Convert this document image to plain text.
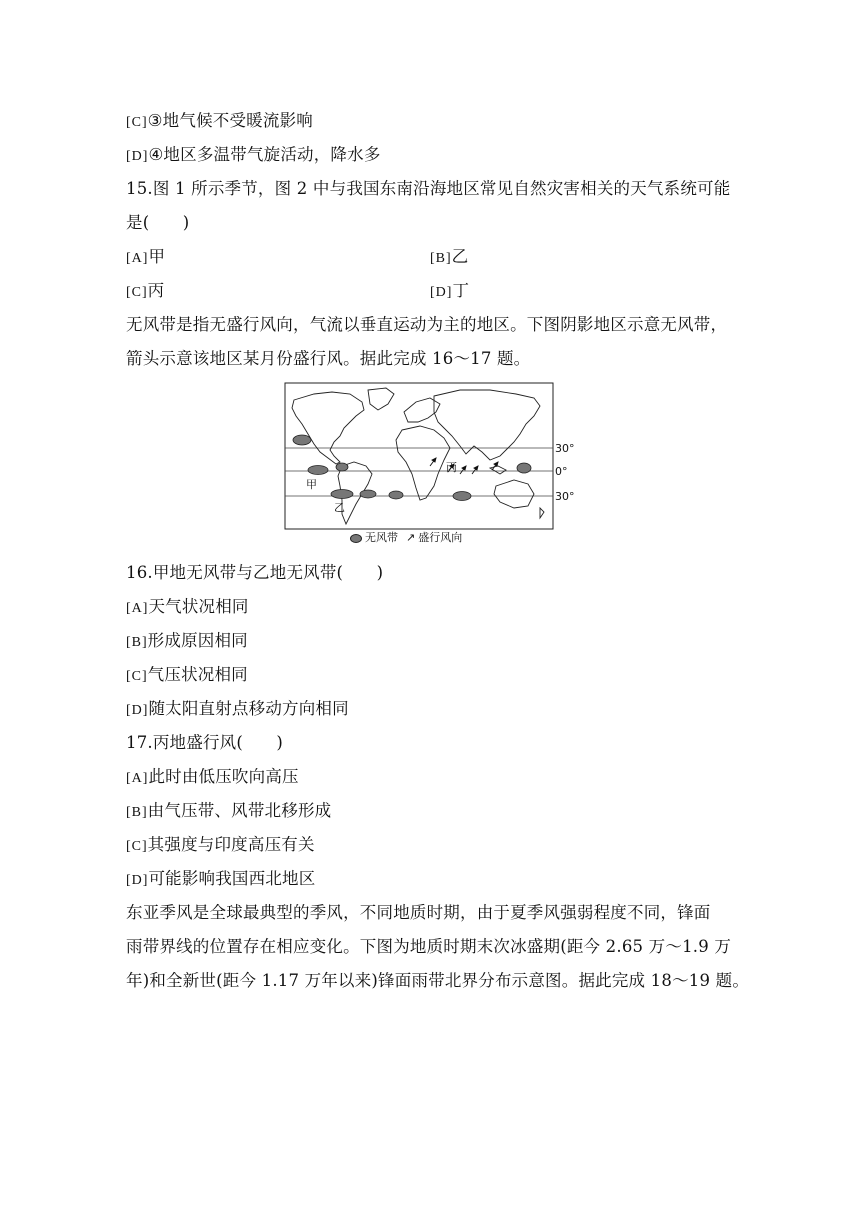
[C]③地气候不受暖流影响
[D]④地区多温带气旋活动，降水多
15.图 1 所示季节，图 2 中与我国东南沿海地区常见自然灾害相关的天气系统可能
是(　　)
[A]甲	[B]乙
[C]丙	[D]丁
无风带是指无盛行风向，气流以垂直运动为主的地区。下图阴影地区示意无风带，
箭头示意该地区某月份盛行风。据此完成 16～17 题。
甲
乙
丙
30°
0°
30°
无风带 ↗ 盛行风向
16.甲地无风带与乙地无风带(　　)
[A]天气状况相同
[B]形成原因相同
[C]气压状况相同
[D]随太阳直射点移动方向相同
17.丙地盛行风(　　)
[A]此时由低压吹向高压
[B]由气压带、风带北移形成
[C]其强度与印度高压有关
[D]可能影响我国西北地区
东亚季风是全球最典型的季风，不同地质时期，由于夏季风强弱程度不同，锋面
雨带界线的位置存在相应变化。下图为地质时期末次冰盛期(距今 2.65 万～1.9 万
年)和全新世(距今 1.17 万年以来)锋面雨带北界分布示意图。据此完成 18～19 题。
